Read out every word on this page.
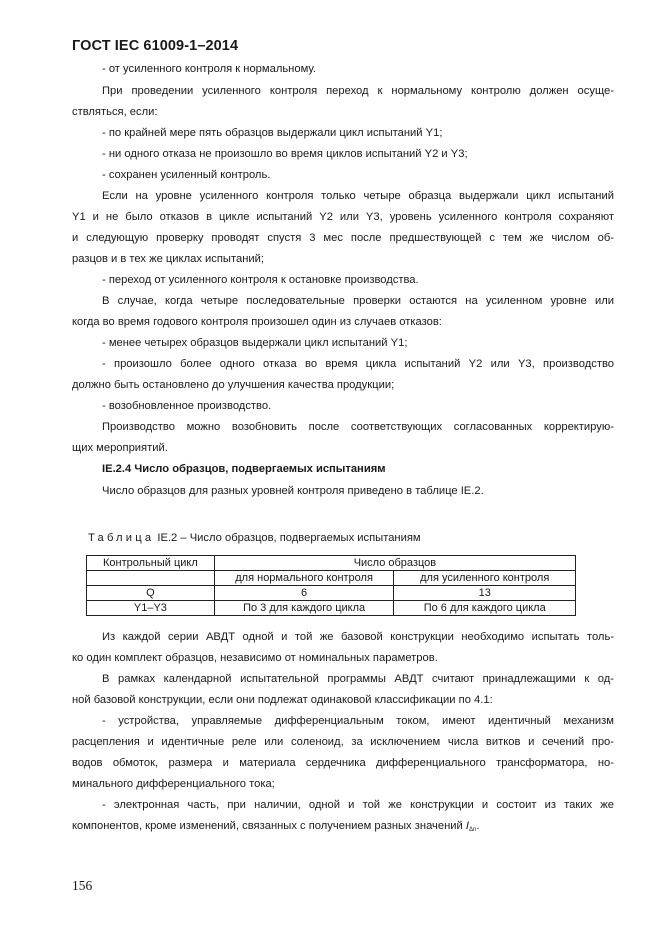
ГОСТ IEC 61009-1–2014
- от усиленного контроля к нормальному.
При проведении усиленного контроля переход к нормальному контролю должен осуще-
ствляться, если:
- по крайней мере пять образцов выдержали цикл испытаний Y1;
- ни одного отказа не произошло во время циклов испытаний Y2 и Y3;
- сохранен усиленный контроль.
Если на уровне усиленного контроля только четыре образца выдержали цикл испытаний
Y1 и не было отказов в цикле испытаний Y2 или Y3, уровень усиленного контроля сохраняют
и следующую проверку проводят спустя 3 мес после предшествующей с тем же числом об-
разцов и в тех же циклах испытаний;
- переход от усиленного контроля к остановке производства.
В случае, когда четыре последовательные проверки остаются на усиленном уровне или
когда во время годового контроля произошел один из случаев отказов:
- менее четырех образцов выдержали цикл испытаний Y1;
- произошло более одного отказа во время цикла испытаний Y2 или Y3, производство
должно быть остановлено до улучшения качества продукции;
- возобновленное производство.
Производство можно возобновить после соответствующих согласованных корректирую-
щих мероприятий.
IE.2.4 Число образцов, подвергаемых испытаниям
Число образцов для разных уровней контроля приведено в таблице IE.2.
Таблица IE.2 – Число образцов, подвергаемых испытаниям
Контрольный цикл	Число образцов	
	для нормального контроля	для усиленного контроля
Q	6	13
Y1–Y3	По 3 для каждого цикла	По 6 для каждого цикла
Из каждой серии АВДТ одной и той же базовой конструкции необходимо испытать толь-
ко один комплект образцов, независимо от номинальных параметров.
В рамках календарной испытательной программы АВДТ считают принадлежащими к од-
ной базовой конструкции, если они подлежат одинаковой классификации по 4.1:
- устройства, управляемые дифференциальным током, имеют идентичный механизм
расцепления и идентичные реле или соленоид, за исключением числа витков и сечений про-
водов обмоток, размера и материала сердечника дифференциального трансформатора, но-
минального дифференциального тока;
- электронная часть, при наличии, одной и той же конструкции и состоит из таких же
компонентов, кроме изменений, связанных с получением разных значений $I_{\Delta n}$.
156
